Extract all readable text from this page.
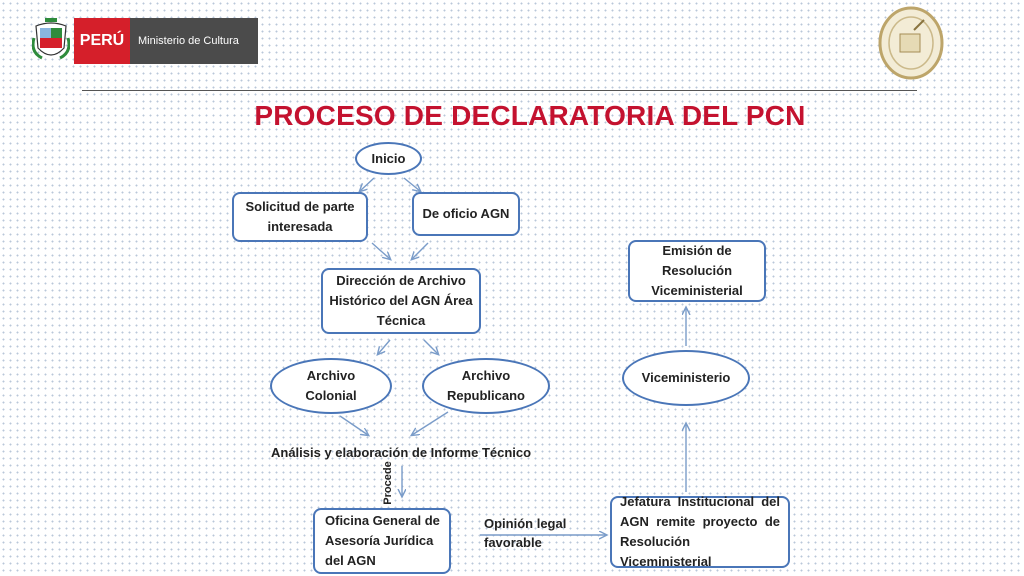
PERÚ	Ministerio de Cultura
PROCESO DE DECLARATORIA DEL PCN
Inicio
Solicitud de parte interesada
De oficio AGN
Dirección de Archivo Histórico del AGN Área Técnica
Archivo Colonial
Archivo Republicano
Análisis y elaboración de Informe Técnico
Procede
Oficina General de Asesoría Jurídica del AGN
Opinión legal favorable
Jefatura Institucional del AGN remite proyecto de Resolución Viceministerial
Viceministerio
Emisión de Resolución Viceministerial
